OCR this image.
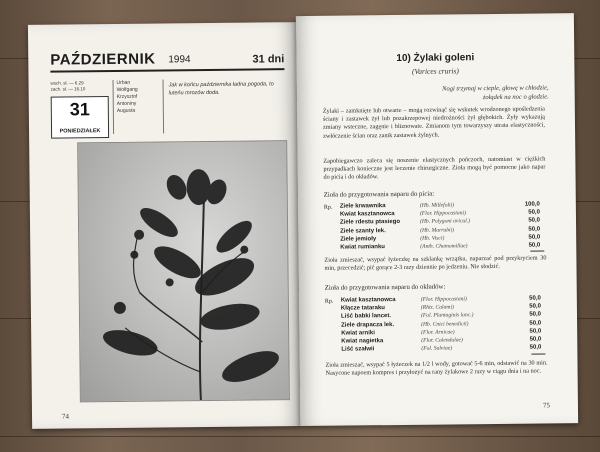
PAŹDZIERNIK 1994	31 dni
wsch. sł. — 6.29
zach. sł. — 16.10
31
PONIEDZIAŁEK
Urban
Wolfgang
Krzysztof
Antoniny
Augusta
Jak w końcu października ładna pogoda, to luteńu mrozów doda.
74
10) Żylaki goleni
(Varices cruris)
Nogi trzymaj w cieple, głowę w chłodzie,
żołądek na noc o głodzie.
Żylaki – zamknięte lub otwarte – mogą rozwinąć się wskutek wrodzonego upośledzenia ściany i zastawek żył lub pozakrzepowej niedrożności żył głębokich. Żyły wykazują zmiany wsteczne, zagęnie i bliznowate. Zmianom tym towarzyszy utrata elastyczności, zwłóczenie ścian oraz zanik zastawek żylnych.
Zapobiegawczo zaleca się noszenie elastycznych pończoch, natomiast w ciężkich przypadkach konieczne jest leczenie chirurgiczne. Zioła mogą być pomocne jako napar do picia i do okładów.
Zioła do przygotowania naparu do picia:
Rp. Ziele krwawnika	(Hb. Millefolii)	100,0
Kwiat kasztanowca	(Flor. Hippocastani)	50,0
Ziele rdestu ptasiego	(Hb. Polygoni avicul.)	50,0
Ziele szanty lek.	(Hb. Marrubii)	50,0
Ziele jemioły	(Hb. Visci)	50,0
Kwiat rumianku	(Anth. Chamomillae)	50,0
Zioła zmieszać, wsypać łyżeczkę na szklankę wrzątku, naparzać pod przykryciem 30 min, przecedzić; pić gorące 2-3 razy dziennie po jedzeniu. Nie słodzić.
Zioła do przygotowania naparu do okładów:
Rp. Kwiat kasztanowca	(Flor. Hippocastani)	50,0
Kłącze tataraku	(Rhiz. Calami)	50,0
Liść babki lancet.	(Fol. Plantaginis lanc.)	50,0
Ziele drapacza lek.	(Hb. Cnici benedicti)	50,0
Kwiat arniki	(Flor. Arnicae)	50,0
Kwiat nagietka	(Flor. Calendulae)	50,0
Liść szałwii	(Fol. Salviae)	50,0
Zioła zmieszać, wsypać 5 łyżeczek na 1/2 l wody, gotować 5-6 min, odstawić na 30 min. Nasycone napoem kompres i przyłożyć na rany żylakowe 2 razy w ciągu dnia i na noc.
75
